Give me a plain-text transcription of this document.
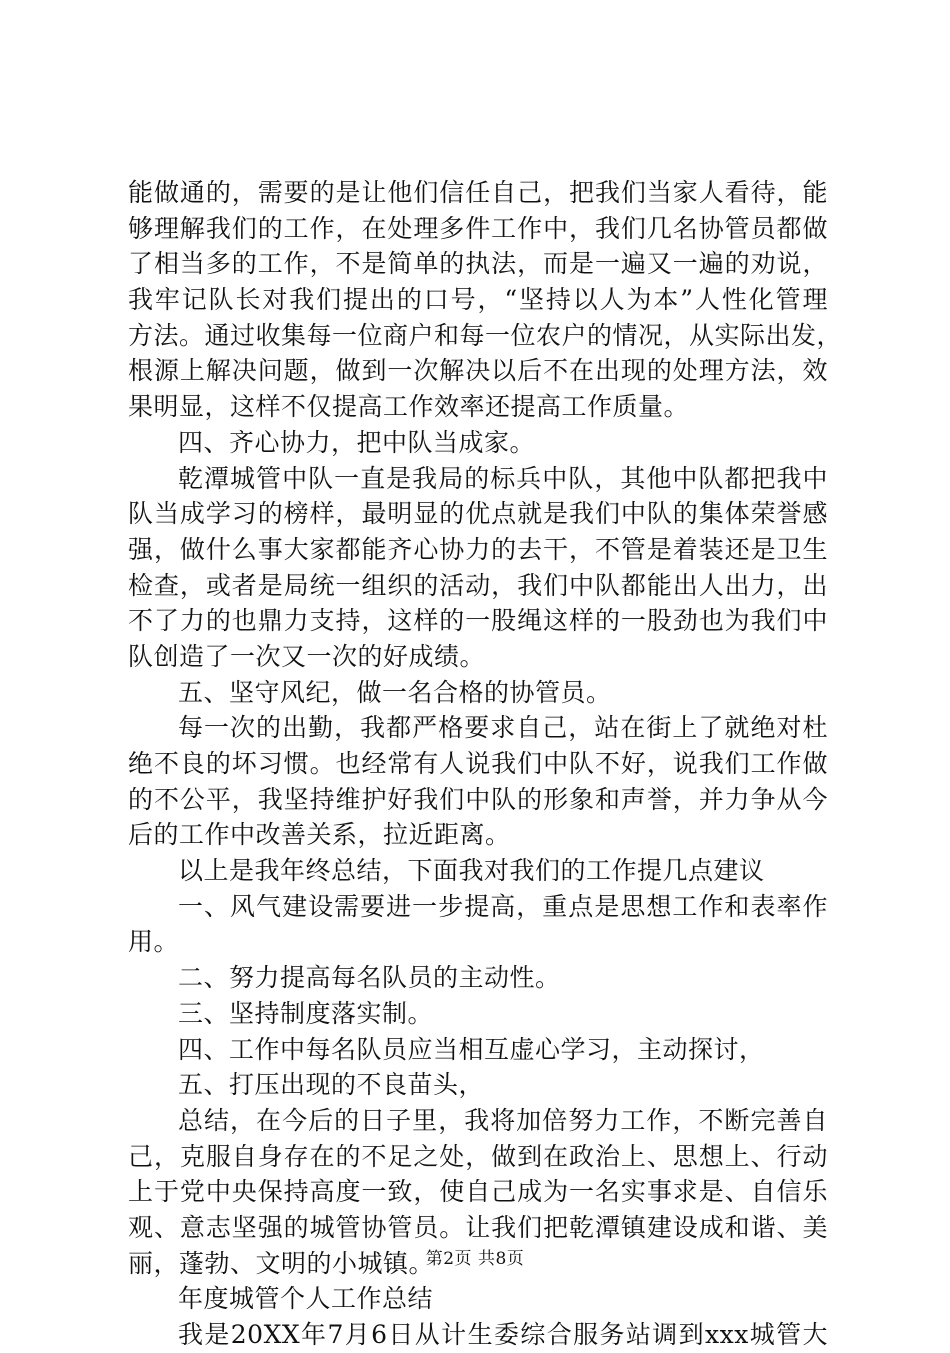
能做通的，需要的是让他们信任自己，把我们当家人看待，能
够理解我们的工作，在处理多件工作中，我们几名协管员都做
了相当多的工作，不是简单的执法，而是一遍又一遍的劝说，
我牢记队长对我们提出的口号，“坚持以人为本”人性化管理
方法。通过收集每一位商户和每一位农户的情况，从实际出发，
根源上解决问题，做到一次解决以后不在出现的处理方法，效
果明显，这样不仅提高工作效率还提高工作质量。
四、齐心协力，把中队当成家。
乾潭城管中队一直是我局的标兵中队，其他中队都把我中
队当成学习的榜样，最明显的优点就是我们中队的集体荣誉感
强，做什么事大家都能齐心协力的去干，不管是着装还是卫生
检查，或者是局统一组织的活动，我们中队都能出人出力，出
不了力的也鼎力支持，这样的一股绳这样的一股劲也为我们中
队创造了一次又一次的好成绩。
五、坚守风纪，做一名合格的协管员。
每一次的出勤，我都严格要求自己，站在街上了就绝对杜
绝不良的坏习惯。也经常有人说我们中队不好，说我们工作做
的不公平，我坚持维护好我们中队的形象和声誉，并力争从今
后的工作中改善关系，拉近距离。
以上是我年终总结，下面我对我们的工作提几点建议
一、风气建设需要进一步提高，重点是思想工作和表率作
用。
二、努力提高每名队员的主动性。
三、坚持制度落实制。
四、工作中每名队员应当相互虚心学习，主动探讨，
五、打压出现的不良苗头，
总结，在今后的日子里，我将加倍努力工作，不断完善自
己，克服自身存在的不足之处，做到在政治上、思想上、行动
上于党中央保持高度一致，使自己成为一名实事求是、自信乐
观、意志坚强的城管协管员。让我们把乾潭镇建设成和谐、美
丽，蓬勃、文明的小城镇。
年度城管个人工作总结
我是20XX年7月6日从计生委综合服务站调到xxx城管大
第2页 共8页
